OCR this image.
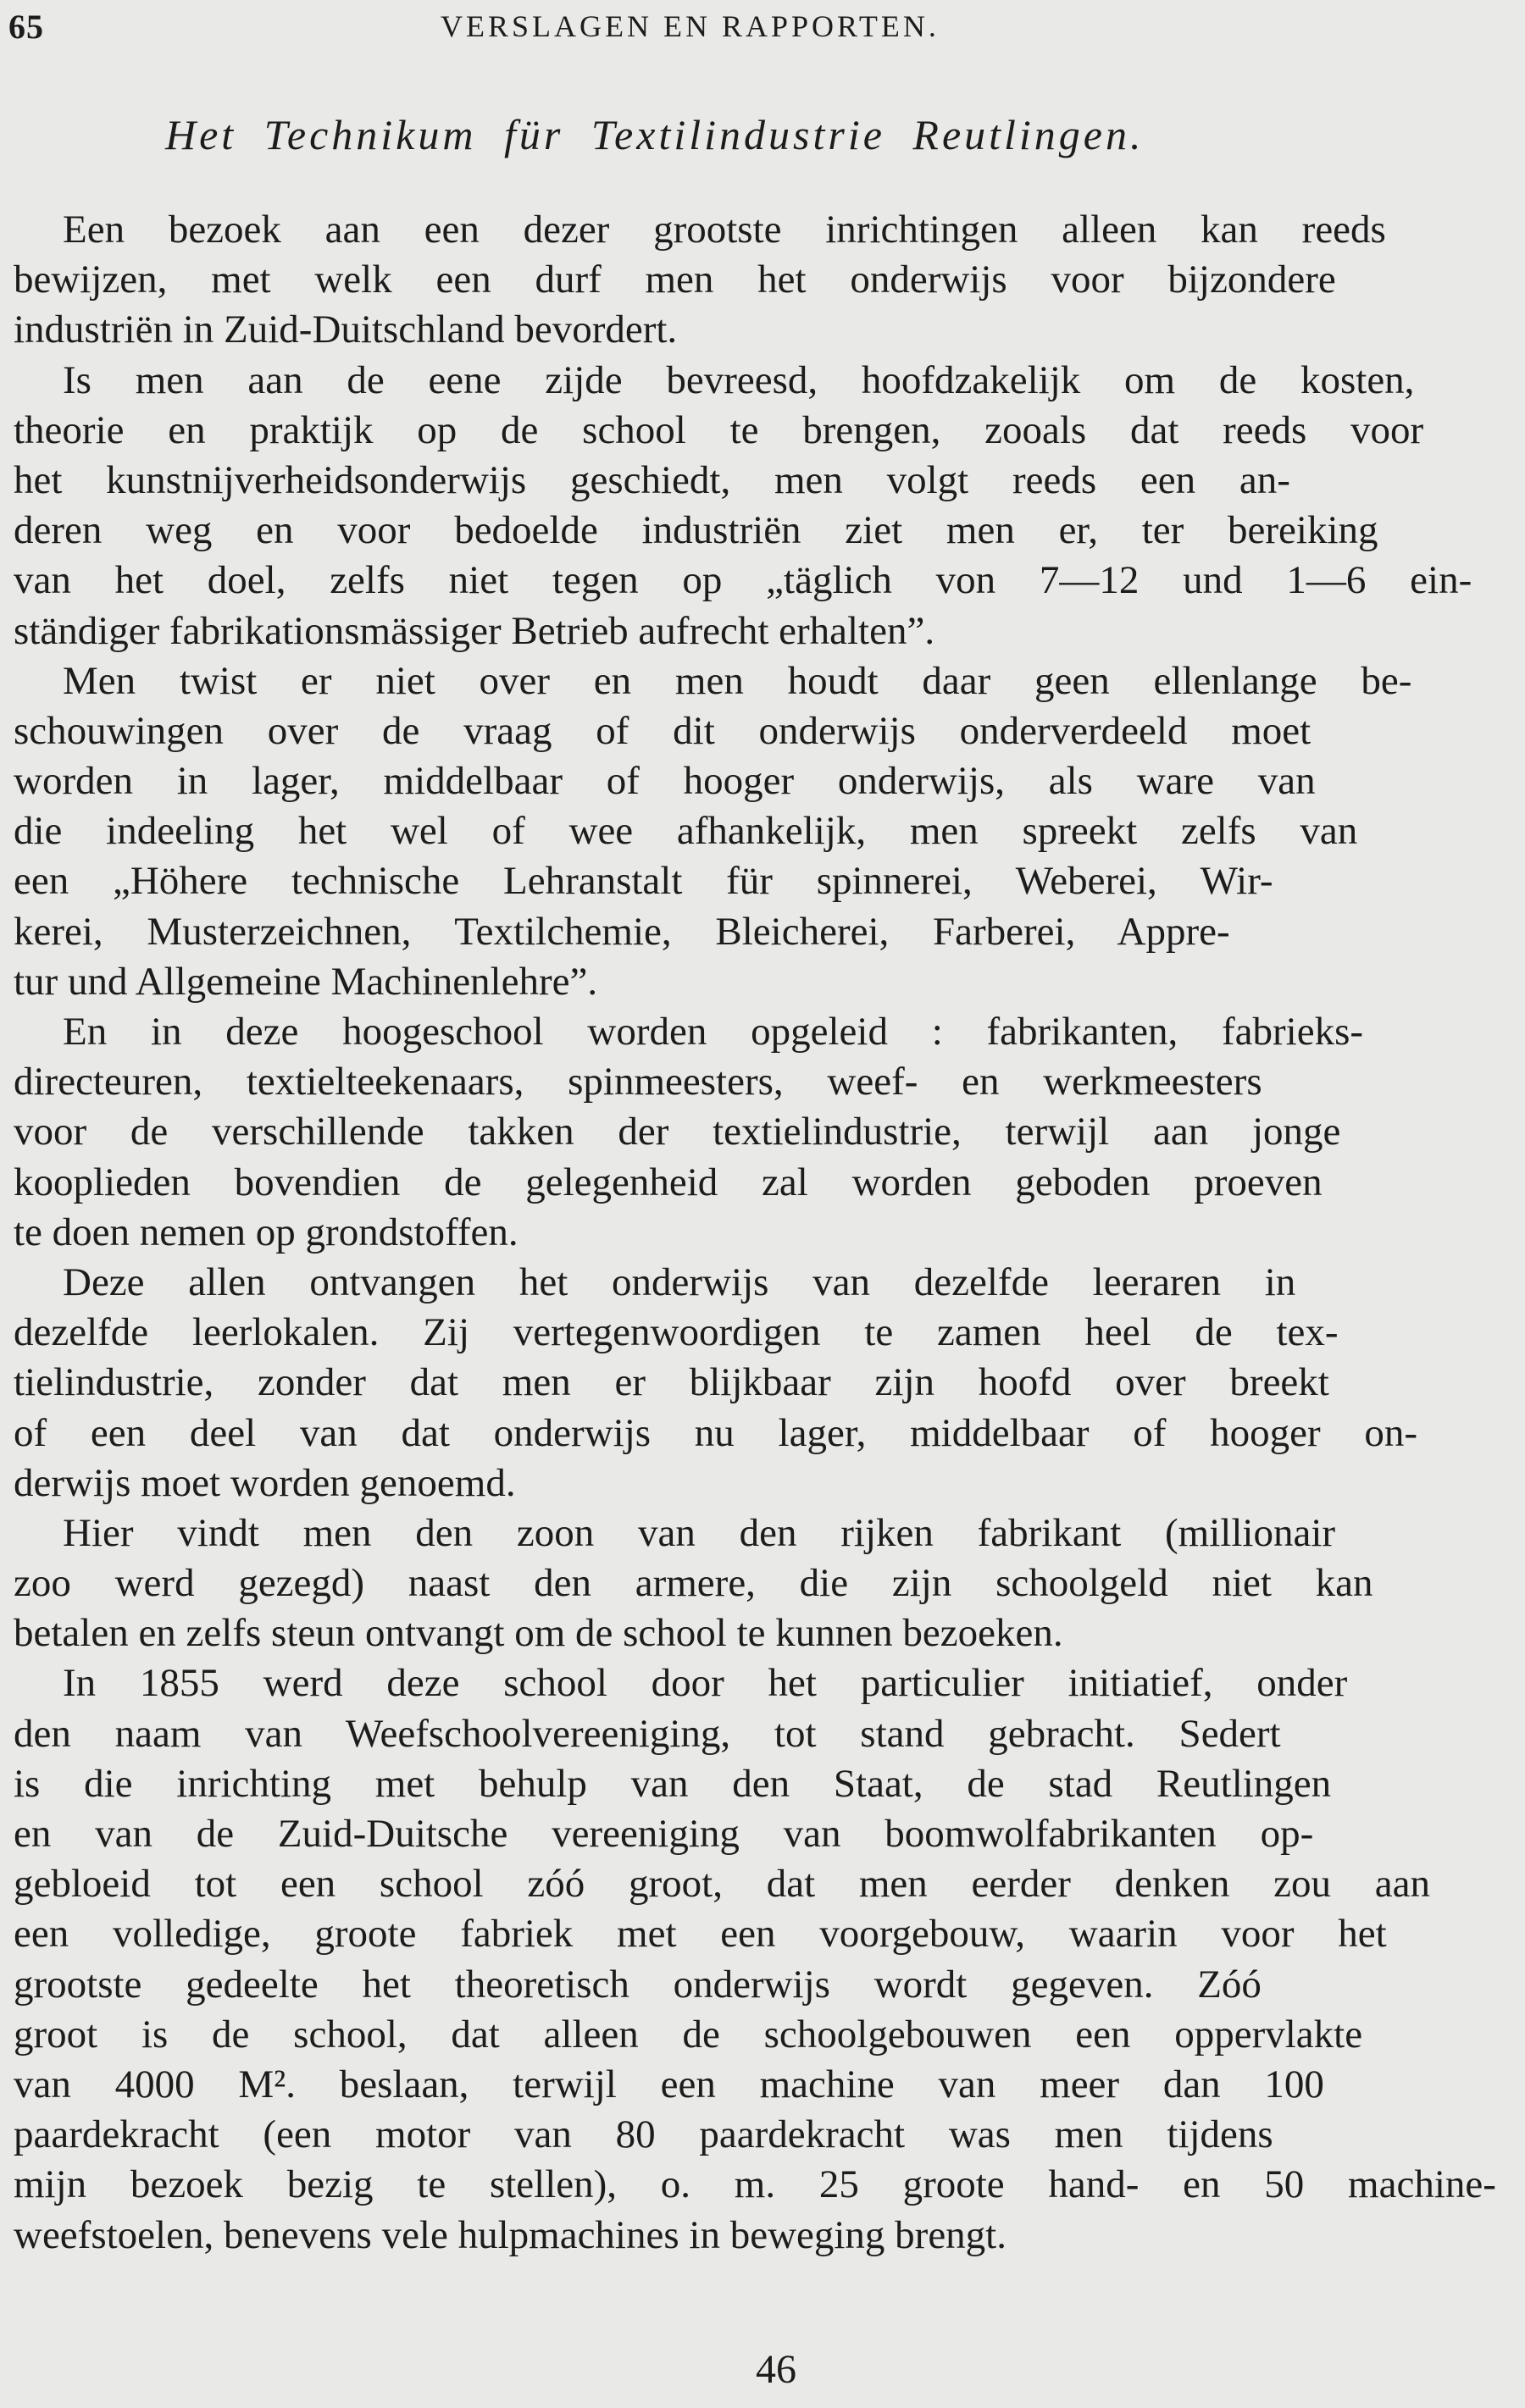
65	VERSLAGEN EN RAPPORTEN.
Het Technikum für Textilindustrie Reutlingen.
Een bezoek aan een dezer grootste inrichtingen alleen kan reeds
bewijzen, met welk een durf men het onderwijs voor bijzondere
industriën in Zuid-Duitschland bevordert.
Is men aan de eene zijde bevreesd, hoofdzakelijk om de kosten,
theorie en praktijk op de school te brengen, zooals dat reeds voor
het kunstnijverheidsonderwijs geschiedt, men volgt reeds een an-
deren weg en voor bedoelde industriën ziet men er, ter bereiking
van het doel, zelfs niet tegen op „täglich von 7—12 und 1—6 ein-
ständiger fabrikationsmässiger Betrieb aufrecht erhalten”.
Men twist er niet over en men houdt daar geen ellenlange be-
schouwingen over de vraag of dit onderwijs onderverdeeld moet
worden in lager, middelbaar of hooger onderwijs, als ware van
die indeeling het wel of wee afhankelijk, men spreekt zelfs van
een „Höhere technische Lehranstalt für spinnerei, Weberei, Wir-
kerei, Musterzeichnen, Textilchemie, Bleicherei, Farberei, Appre-
tur und Allgemeine Machinenlehre”.
En in deze hoogeschool worden opgeleid : fabrikanten, fabrieks-
directeuren, textielteekenaars, spinmeesters, weef- en werkmeesters
voor de verschillende takken der textielindustrie, terwijl aan jonge
kooplieden bovendien de gelegenheid zal worden geboden proeven
te doen nemen op grondstoffen.
Deze allen ontvangen het onderwijs van dezelfde leeraren in
dezelfde leerlokalen. Zij vertegenwoordigen te zamen heel de tex-
tielindustrie, zonder dat men er blijkbaar zijn hoofd over breekt
of een deel van dat onderwijs nu lager, middelbaar of hooger on-
derwijs moet worden genoemd.
Hier vindt men den zoon van den rijken fabrikant (millionair
zoo werd gezegd) naast den armere, die zijn schoolgeld niet kan
betalen en zelfs steun ontvangt om de school te kunnen bezoeken.
In 1855 werd deze school door het particulier initiatief, onder
den naam van Weefschoolvereeniging, tot stand gebracht. Sedert
is die inrichting met behulp van den Staat, de stad Reutlingen
en van de Zuid-Duitsche vereeniging van boomwolfabrikanten op-
gebloeid tot een school zóó groot, dat men eerder denken zou aan
een volledige, groote fabriek met een voorgebouw, waarin voor het
grootste gedeelte het theoretisch onderwijs wordt gegeven. Zóó
groot is de school, dat alleen de schoolgebouwen een oppervlakte
van 4000 M². beslaan, terwijl een machine van meer dan 100
paardekracht (een motor van 80 paardekracht was men tijdens
mijn bezoek bezig te stellen), o. m. 25 groote hand- en 50 machine-
weefstoelen, benevens vele hulpmachines in beweging brengt.
46
